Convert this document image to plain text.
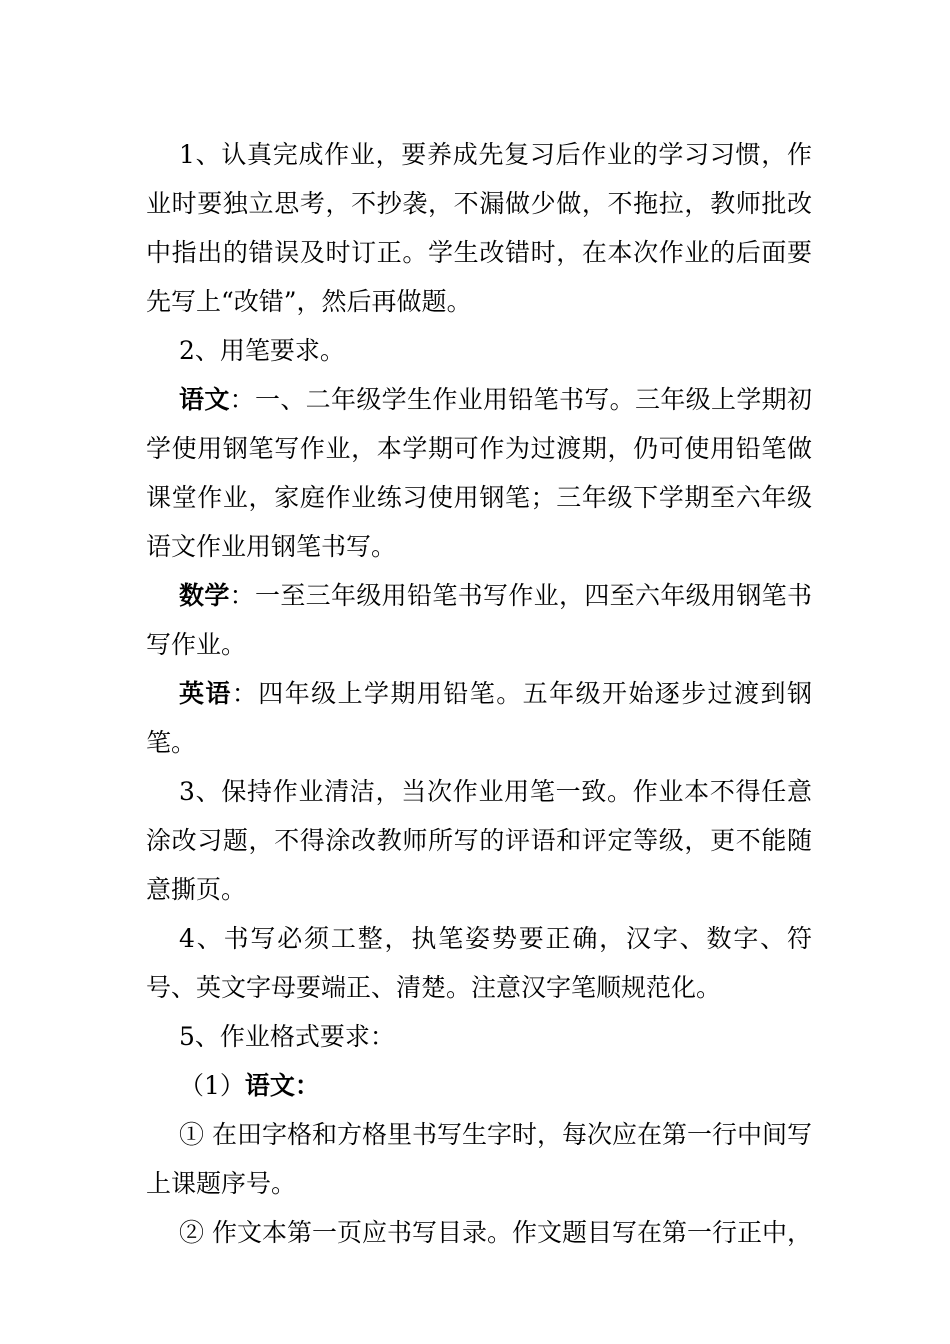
1、认真完成作业，要养成先复习后作业的学习习惯，作业时要独立思考，不抄袭，不漏做少做，不拖拉，教师批改中指出的错误及时订正。学生改错时，在本次作业的后面要先写上“改错”，然后再做题。

2、用笔要求。

语文：一、二年级学生作业用铅笔书写。三年级上学期初学使用钢笔写作业，本学期可作为过渡期，仍可使用铅笔做课堂作业，家庭作业练习使用钢笔；三年级下学期至六年级语文作业用钢笔书写。

数学：一至三年级用铅笔书写作业，四至六年级用钢笔书写作业。

英语：四年级上学期用铅笔。五年级开始逐步过渡到钢笔。

3、保持作业清洁，当次作业用笔一致。作业本不得任意涂改习题，不得涂改教师所写的评语和评定等级，更不能随意撕页。

4、书写必须工整，执笔姿势要正确，汉字、数字、符号、英文字母要端正、清楚。注意汉字笔顺规范化。

5、作业格式要求：

（1）语文：

① 在田字格和方格里书写生字时，每次应在第一行中间写上课题序号。

② 作文本第一页应书写目录。作文题目写在第一行正中，
